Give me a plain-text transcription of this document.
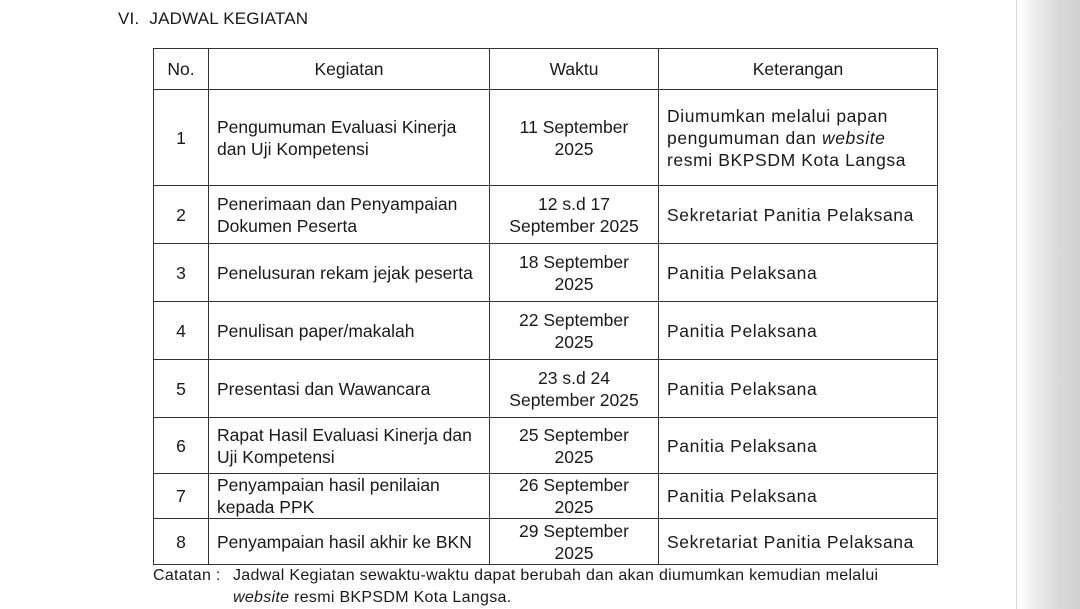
VI. JADWAL KEGIATAN
No.	Kegiatan	Waktu	Keterangan
1	Pengumuman Evaluasi Kinerja dan Uji Kompetensi	11 September 2025	Diumumkan melalui papan pengumuman dan website resmi BKPSDM Kota Langsa
2	Penerimaan dan Penyampaian Dokumen Peserta	12 s.d 17 September 2025	Sekretariat Panitia Pelaksana
3	Penelusuran rekam jejak peserta	18 September 2025	Panitia Pelaksana
4	Penulisan paper/makalah	22 September 2025	Panitia Pelaksana
5	Presentasi dan Wawancara	23 s.d 24 September 2025	Panitia Pelaksana
6	Rapat Hasil Evaluasi Kinerja dan Uji Kompetensi	25 September 2025	Panitia Pelaksana
7	Penyampaian hasil penilaian kepada PPK	26 September 2025	Panitia Pelaksana
8	Penyampaian hasil akhir ke BKN	29 September 2025	Sekretariat Panitia Pelaksana
Catatan : Jadwal Kegiatan sewaktu-waktu dapat berubah dan akan diumumkan kemudian melalui
website resmi BKPSDM Kota Langsa.
